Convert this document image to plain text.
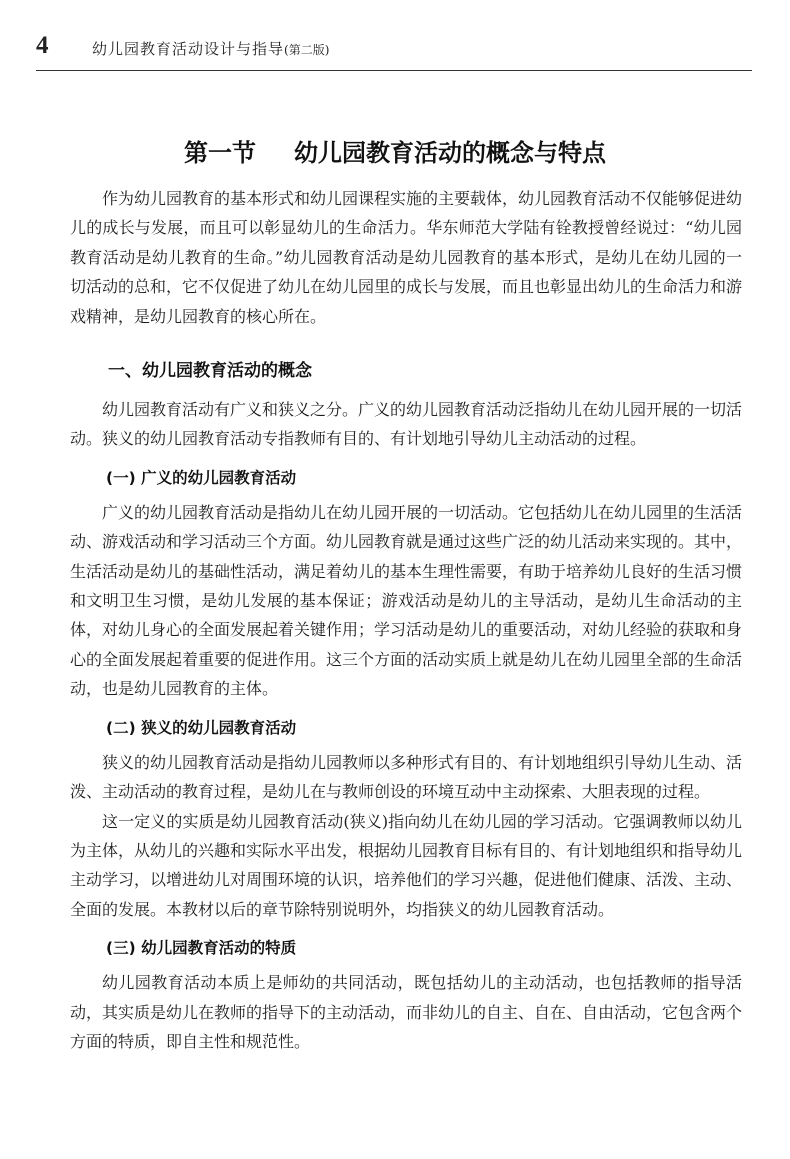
4	幼儿园教育活动设计与指导(第二版)
第一节 幼儿园教育活动的概念与特点

作为幼儿园教育的基本形式和幼儿园课程实施的主要载体，幼儿园教育活动不仅能够促进幼儿的成长与发展，而且可以彰显幼儿的生命活力。华东师范大学陆有铨教授曾经说过：“幼儿园教育活动是幼儿教育的生命。”幼儿园教育活动是幼儿园教育的基本形式，是幼儿在幼儿园的一切活动的总和，它不仅促进了幼儿在幼儿园里的成长与发展，而且也彰显出幼儿的生命活力和游戏精神，是幼儿园教育的核心所在。

一、幼儿园教育活动的概念

幼儿园教育活动有广义和狭义之分。广义的幼儿园教育活动泛指幼儿在幼儿园开展的一切活动。狭义的幼儿园教育活动专指教师有目的、有计划地引导幼儿主动活动的过程。

(一) 广义的幼儿园教育活动

广义的幼儿园教育活动是指幼儿在幼儿园开展的一切活动。它包括幼儿在幼儿园里的生活活动、游戏活动和学习活动三个方面。幼儿园教育就是通过这些广泛的幼儿活动来实现的。其中，生活活动是幼儿的基础性活动，满足着幼儿的基本生理性需要，有助于培养幼儿良好的生活习惯和文明卫生习惯，是幼儿发展的基本保证；游戏活动是幼儿的主导活动，是幼儿生命活动的主体，对幼儿身心的全面发展起着关键作用；学习活动是幼儿的重要活动，对幼儿经验的获取和身心的全面发展起着重要的促进作用。这三个方面的活动实质上就是幼儿在幼儿园里全部的生命活动，也是幼儿园教育的主体。

(二) 狭义的幼儿园教育活动

狭义的幼儿园教育活动是指幼儿园教师以多种形式有目的、有计划地组织引导幼儿生动、活泼、主动活动的教育过程，是幼儿在与教师创设的环境互动中主动探索、大胆表现的过程。

这一定义的实质是幼儿园教育活动(狭义)指向幼儿在幼儿园的学习活动。它强调教师以幼儿为主体，从幼儿的兴趣和实际水平出发，根据幼儿园教育目标有目的、有计划地组织和指导幼儿主动学习，以增进幼儿对周围环境的认识，培养他们的学习兴趣，促进他们健康、活泼、主动、全面的发展。本教材以后的章节除特别说明外，均指狭义的幼儿园教育活动。

(三) 幼儿园教育活动的特质

幼儿园教育活动本质上是师幼的共同活动，既包括幼儿的主动活动，也包括教师的指导活动，其实质是幼儿在教师的指导下的主动活动，而非幼儿的自主、自在、自由活动，它包含两个方面的特质，即自主性和规范性。
